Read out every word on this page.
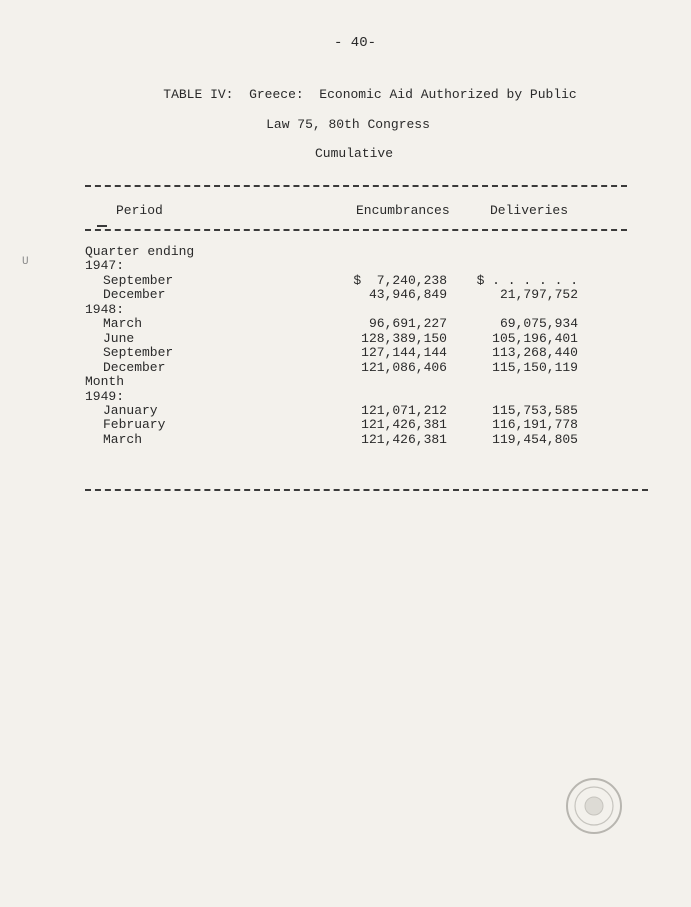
- 40-
U
TABLE IV:  Greece:  Economic Aid Authorized by Public
Law 75, 80th Congress
Cumulative
Period	Encumbrances	Deliveries
Quarter ending
1947:
September	$  7,240,238	$ . . . . . .
December	43,946,849	21,797,752
1948:
March	96,691,227	69,075,934
June	128,389,150	105,196,401
September	127,144,144	113,268,440
December	121,086,406	115,150,119
Month
1949:
January	121,071,212	115,753,585
February	121,426,381	116,191,778
March	121,426,381	119,454,805
